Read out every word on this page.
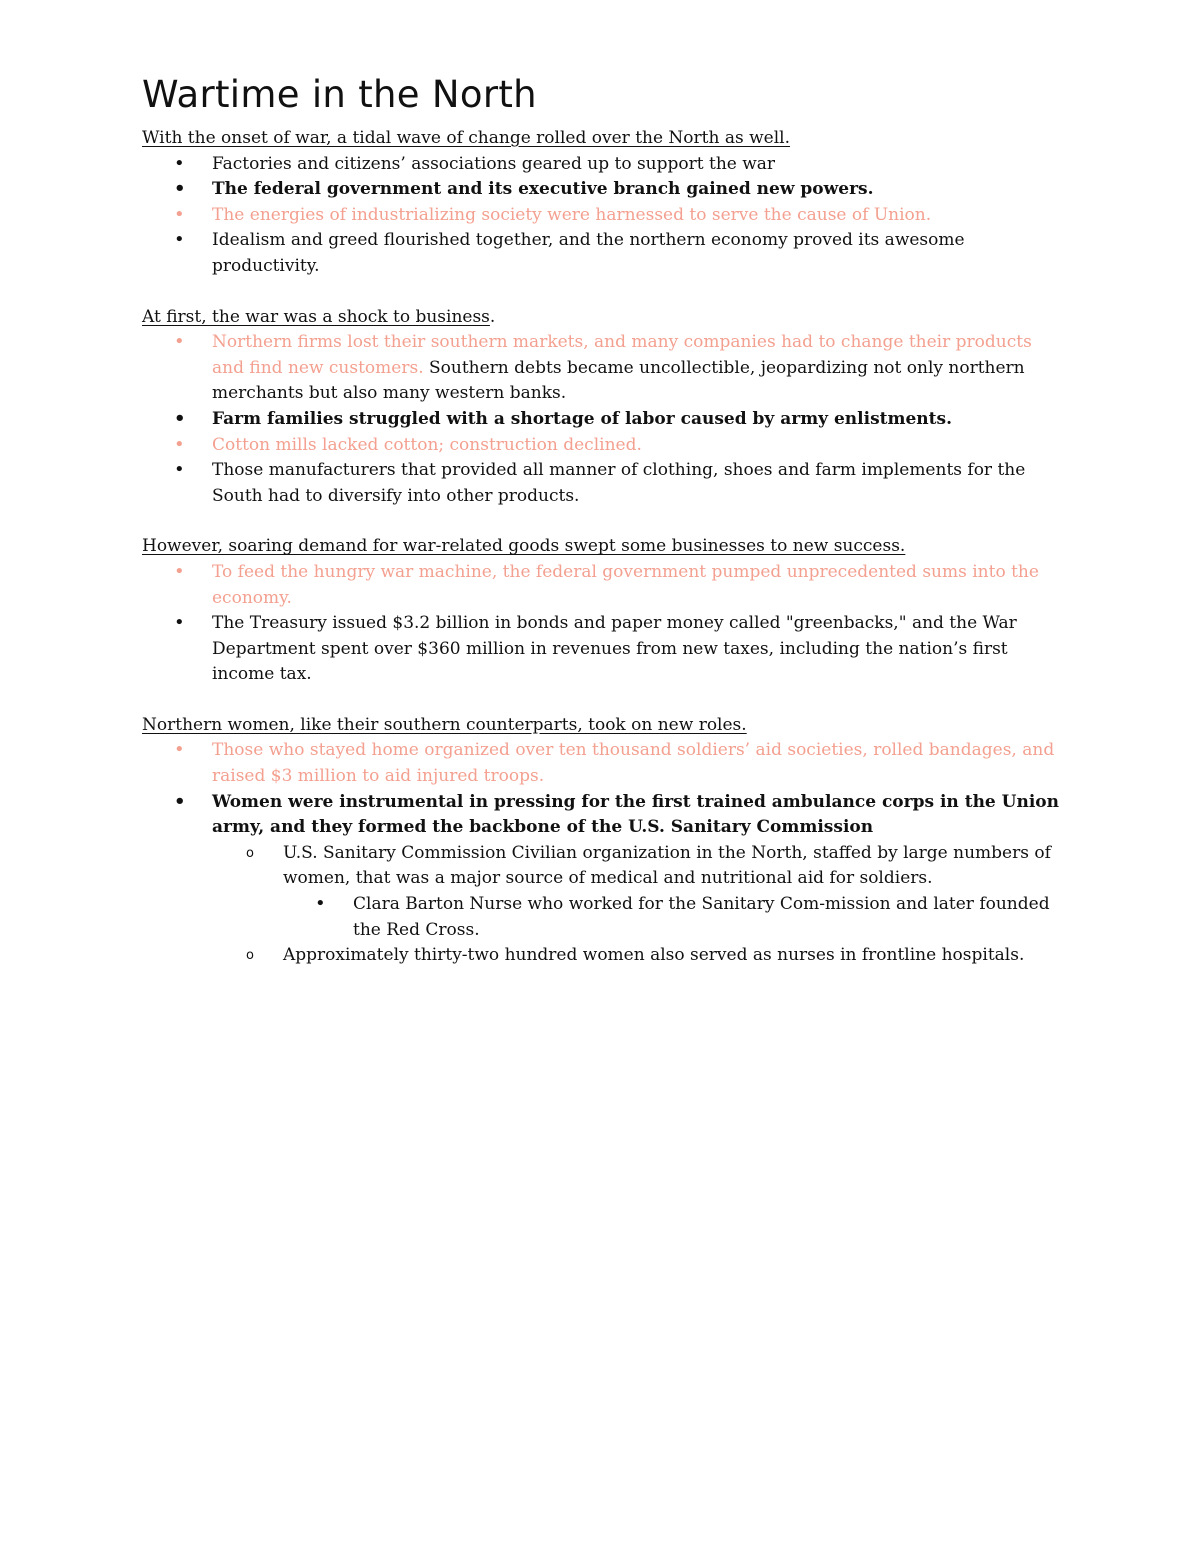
Wartime in the North

With the onset of war, a tidal wave of change rolled over the North as well.

• Factories and citizens’ associations geared up to support the war
• The federal government and its executive branch gained new powers.
• The energies of industrializing society were harnessed to serve the cause of Union.
• Idealism and greed flourished together, and the northern economy proved its awesome productivity.

At first, the war was a shock to business.

• Northern firms lost their southern markets, and many companies had to change their products and find new customers. Southern debts became uncollectible, jeopardizing not only northern merchants but also many western banks.
• Farm families struggled with a shortage of labor caused by army enlistments.
• Cotton mills lacked cotton; construction declined.
• Those manufacturers that provided all manner of clothing, shoes and farm implements for the South had to diversify into other products.

However, soaring demand for war-related goods swept some businesses to new success.

• To feed the hungry war machine, the federal government pumped unprecedented sums into the economy.
• The Treasury issued $3.2 billion in bonds and paper money called "greenbacks," and the War Department spent over $360 million in revenues from new taxes, including the nation’s first income tax.

Northern women, like their southern counterparts, took on new roles.

• Those who stayed home organized over ten thousand soldiers’ aid societies, rolled bandages, and raised $3 million to aid injured troops.
• Women were instrumental in pressing for the first trained ambulance corps in the Union army, and they formed the backbone of the U.S. Sanitary Commission
o U.S. Sanitary Commission Civilian organization in the North, staffed by large numbers of women, that was a major source of medical and nutritional aid for soldiers.
• Clara Barton Nurse who worked for the Sanitary Com-mission and later founded the Red Cross.
o Approximately thirty-two hundred women also served as nurses in frontline hospitals.
